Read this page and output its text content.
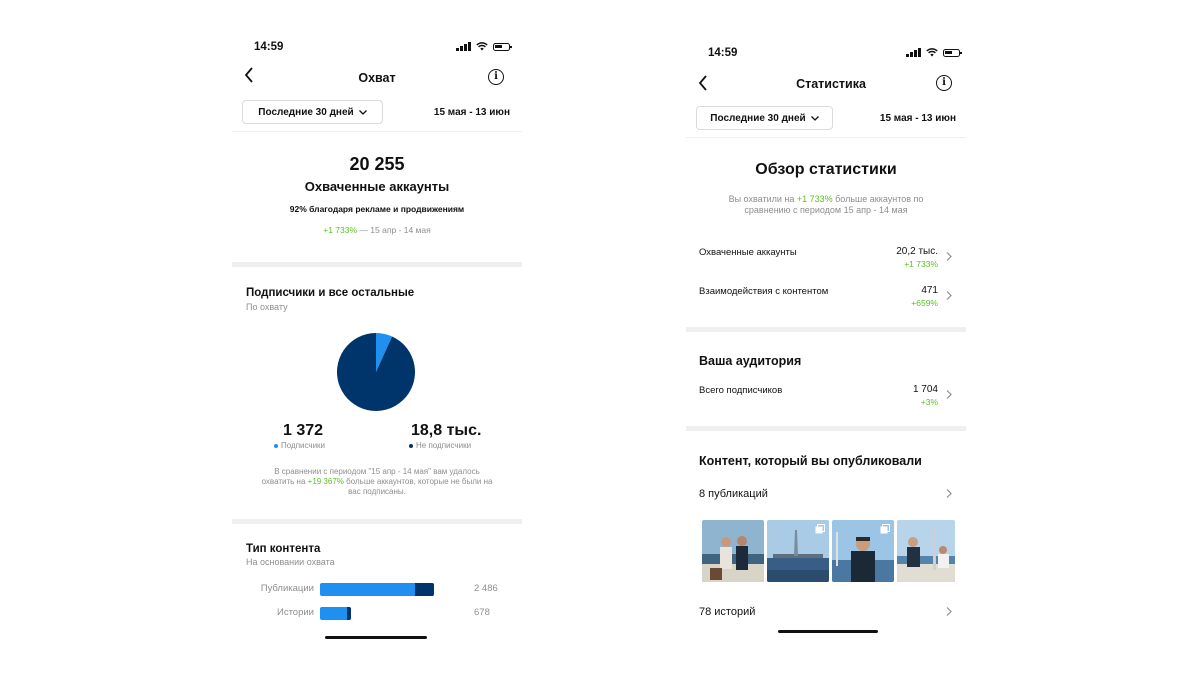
14:59
Охват	i
Последние 30 дней	15 мая - 13 июн
20 255
Охваченные аккаунты
92% благодаря рекламе и продвижениям
+1 733% — 15 апр - 14 мая
Подписчики и все остальные
По охвату
1 372
Подписчики
18,8 тыс.
Не подписчики
В сравнении с периодом "15 апр - 14 мая" вам удалось
охватить на +19 367% больше аккаунтов, которые не были на
вас подписаны.
Тип контента
На основании охвата
Публикации	2 486
Истории	678
14:59
Статистика	i
Последние 30 дней	15 мая - 13 июн
Обзор статистики
Вы охватили на +1 733% больше аккаунтов по
сравнению с периодом 15 апр - 14 мая
Охваченные аккаунты	20,2 тыс.
+1 733%
Взаимодействия с контентом	471
+659%
Ваша аудитория
Всего подписчиков	1 704
+3%
Контент, который вы опубликовали
8 публикаций
78 историй
